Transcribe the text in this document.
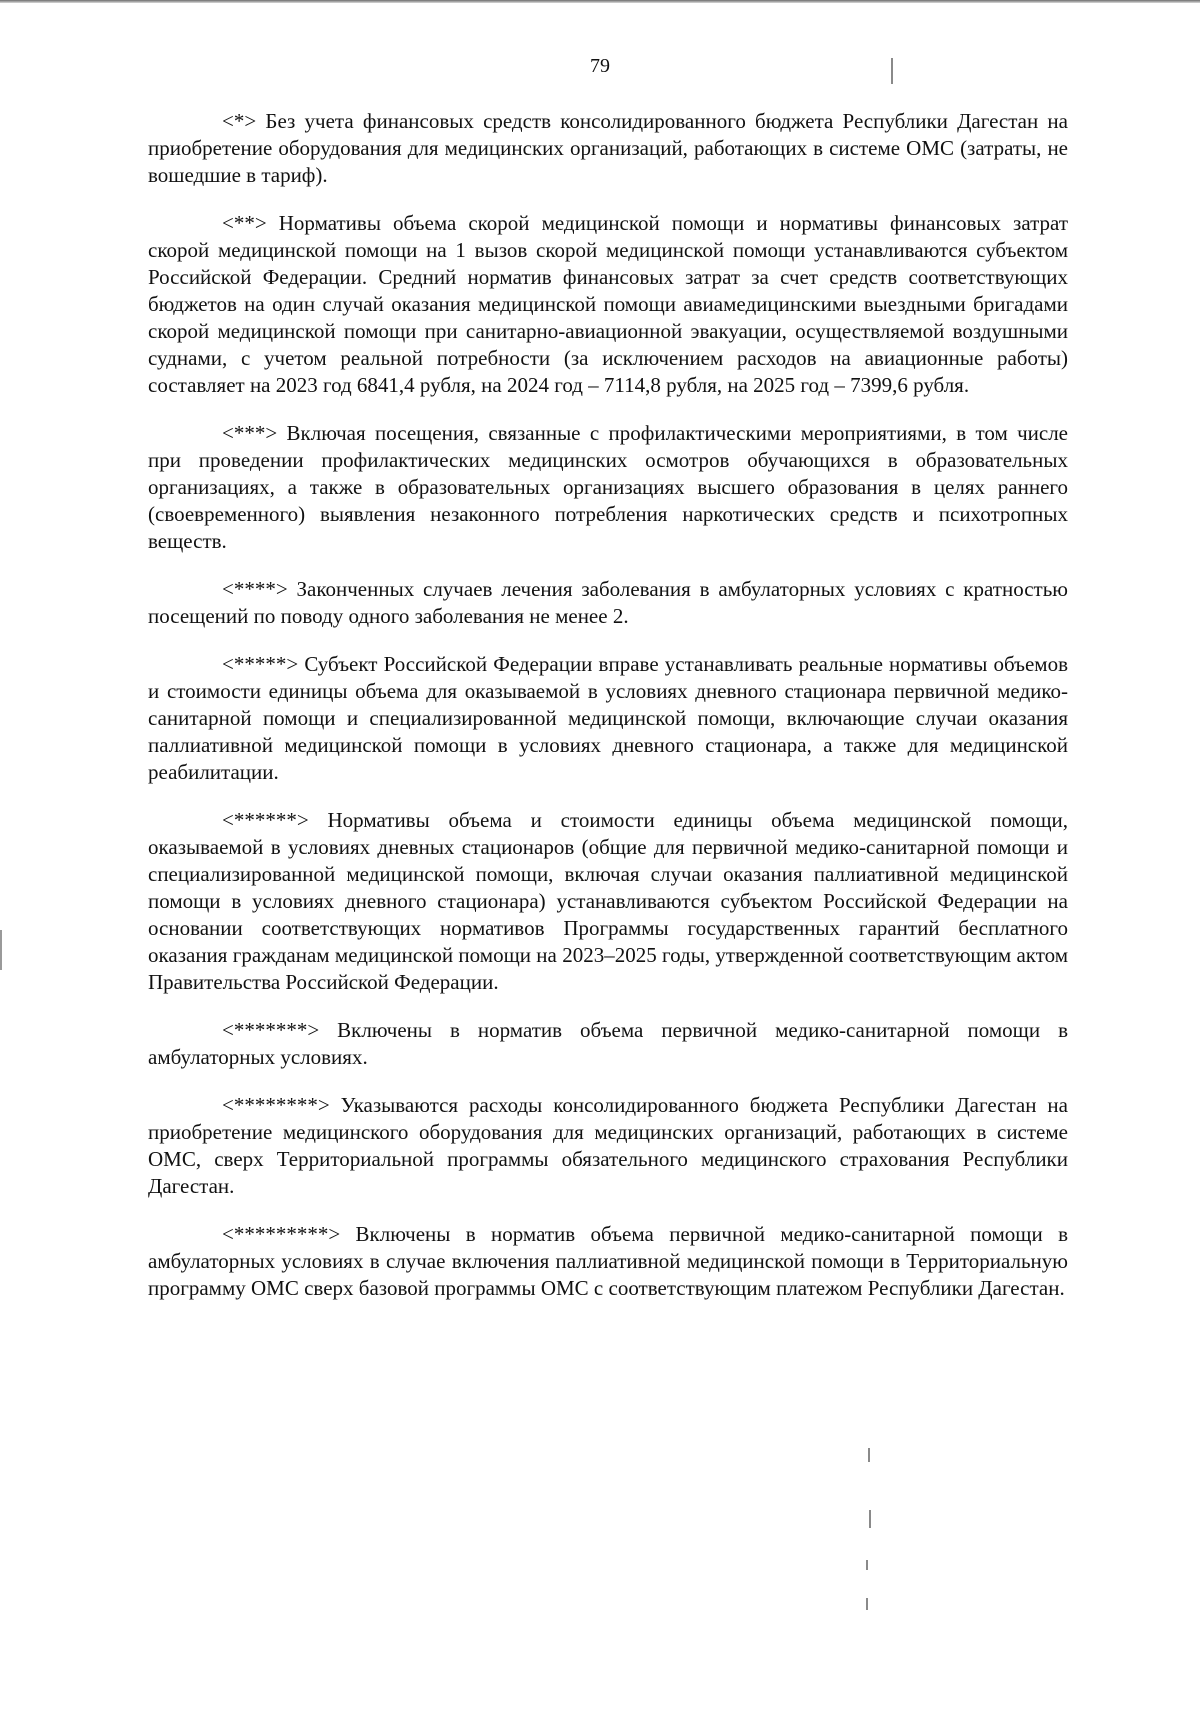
79

<*> Без учета финансовых средств консолидированного бюджета Республики Дагестан на приобретение оборудования для медицинских организаций, работающих в системе ОМС (затраты, не вошедшие в тариф).

<**> Нормативы объема скорой медицинской помощи и нормативы финансовых затрат скорой медицинской помощи на 1 вызов скорой медицинской помощи устанавливаются субъектом Российской Федерации. Средний норматив финансовых затрат за счет средств соответствующих бюджетов на один случай оказания медицинской помощи авиамедицинскими выездными бригадами скорой медицинской помощи при санитарно-авиационной эвакуации, осуществляемой воздушными суднами, с учетом реальной потребности (за исключением расходов на авиационные работы) составляет на 2023 год 6841,4 рубля, на 2024 год – 7114,8 рубля, на 2025 год – 7399,6 рубля.

<***> Включая посещения, связанные с профилактическими мероприятиями, в том числе при проведении профилактических медицинских осмотров обучающихся в образовательных организациях, а также в образовательных организациях высшего образования в целях раннего (своевременного) выявления незаконного потребления наркотических средств и психотропных веществ.

<****> Законченных случаев лечения заболевания в амбулаторных условиях с кратностью посещений по поводу одного заболевания не менее 2.

<*****> Субъект Российской Федерации вправе устанавливать реальные нормативы объемов и стоимости единицы объема для оказываемой в условиях дневного стационара первичной медико-санитарной помощи и специализированной медицинской помощи, включающие случаи оказания паллиативной медицинской помощи в условиях дневного стационара, а также для медицинской реабилитации.

<******> Нормативы объема и стоимости единицы объема медицинской помощи, оказываемой в условиях дневных стационаров (общие для первичной медико-санитарной помощи и специализированной медицинской помощи, включая случаи оказания паллиативной медицинской помощи в условиях дневного стационара) устанавливаются субъектом Российской Федерации на основании соответствующих нормативов Программы государственных гарантий бесплатного оказания гражданам медицинской помощи на 2023–2025 годы, утвержденной соответствующим актом Правительства Российской Федерации.

<*******> Включены в норматив объема первичной медико-санитарной помощи в амбулаторных условиях.

<********> Указываются расходы консолидированного бюджета Республики Дагестан на приобретение медицинского оборудования для медицинских организаций, работающих в системе ОМС, сверх Территориальной программы обязательного медицинского страхования Республики Дагестан.

<*********> Включены в норматив объема первичной медико-санитарной помощи в амбулаторных условиях в случае включения паллиативной медицинской помощи в Территориальную программу ОМС сверх базовой программы ОМС с соответствующим платежом Республики Дагестан.
